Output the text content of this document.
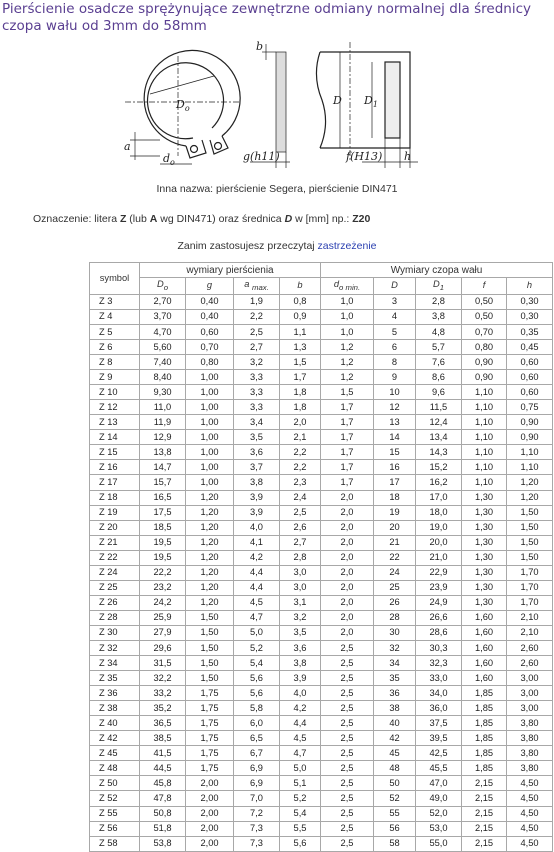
Pierścienie osadcze sprężynujące zewnętrzne odmiany normalnej dla średnicy czopa wału od 3mm do 58mm
b
$D_o$
a
$d_o$	g(h11)
D $D_1$
f(H13) h
Inna nazwa: pierścienie Segera, pierścienie DIN471
Oznaczenie: litera Z (lub A wg DIN471) oraz średnica D w [mm] np.: Z20
Zanim zastosujesz przeczytaj zastrzeżenie
symbol	wymiary pierścienia				Wymiary czopa wału				
	$D_o$	g	a $_{max.}$	b	$d_{o min.}$	D	$D_1$	f	h
Z 3	2,70	0,40	1,9	0,8	1,0	3	2,8	0,50	0,30
Z 4	3,70	0,40	2,2	0,9	1,0	4	3,8	0,50	0,30
Z 5	4,70	0,60	2,5	1,1	1,0	5	4,8	0,70	0,35
Z 6	5,60	0,70	2,7	1,3	1,2	6	5,7	0,80	0,45
Z 8	7,40	0,80	3,2	1,5	1,2	8	7,6	0,90	0,60
Z 9	8,40	1,00	3,3	1,7	1,2	9	8,6	0,90	0,60
Z 10	9,30	1,00	3,3	1,8	1,5	10	9,6	1,10	0,60
Z 12	11,0	1,00	3,3	1,8	1,7	12	11,5	1,10	0,75
Z 13	11,9	1,00	3,4	2,0	1,7	13	12,4	1,10	0,90
Z 14	12,9	1,00	3,5	2,1	1,7	14	13,4	1,10	0,90
Z 15	13,8	1,00	3,6	2,2	1,7	15	14,3	1,10	1,10
Z 16	14,7	1,00	3,7	2,2	1,7	16	15,2	1,10	1,10
Z 17	15,7	1,00	3,8	2,3	1,7	17	16,2	1,10	1,20
Z 18	16,5	1,20	3,9	2,4	2,0	18	17,0	1,30	1,20
Z 19	17,5	1,20	3,9	2,5	2,0	19	18,0	1,30	1,50
Z 20	18,5	1,20	4,0	2,6	2,0	20	19,0	1,30	1,50
Z 21	19,5	1,20	4,1	2,7	2,0	21	20,0	1,30	1,50
Z 22	19,5	1,20	4,2	2,8	2,0	22	21,0	1,30	1,50
Z 24	22,2	1,20	4,4	3,0	2,0	24	22,9	1,30	1,70
Z 25	23,2	1,20	4,4	3,0	2,0	25	23,9	1,30	1,70
Z 26	24,2	1,20	4,5	3,1	2,0	26	24,9	1,30	1,70
Z 28	25,9	1,50	4,7	3,2	2,0	28	26,6	1,60	2,10
Z 30	27,9	1,50	5,0	3,5	2,0	30	28,6	1,60	2,10
Z 32	29,6	1,50	5,2	3,6	2,5	32	30,3	1,60	2,60
Z 34	31,5	1,50	5,4	3,8	2,5	34	32,3	1,60	2,60
Z 35	32,2	1,50	5,6	3,9	2,5	35	33,0	1,60	3,00
Z 36	33,2	1,75	5,6	4,0	2,5	36	34,0	1,85	3,00
Z 38	35,2	1,75	5,8	4,2	2,5	38	36,0	1,85	3,00
Z 40	36,5	1,75	6,0	4,4	2,5	40	37,5	1,85	3,80
Z 42	38,5	1,75	6,5	4,5	2,5	42	39,5	1,85	3,80
Z 45	41,5	1,75	6,7	4,7	2,5	45	42,5	1,85	3,80
Z 48	44,5	1,75	6,9	5,0	2,5	48	45,5	1,85	3,80
Z 50	45,8	2,00	6,9	5,1	2,5	50	47,0	2,15	4,50
Z 52	47,8	2,00	7,0	5,2	2,5	52	49,0	2,15	4,50
Z 55	50,8	2,00	7,2	5,4	2,5	55	52,0	2,15	4,50
Z 56	51,8	2,00	7,3	5,5	2,5	56	53,0	2,15	4,50
Z 58	53,8	2,00	7,3	5,6	2,5	58	55,0	2,15	4,50
